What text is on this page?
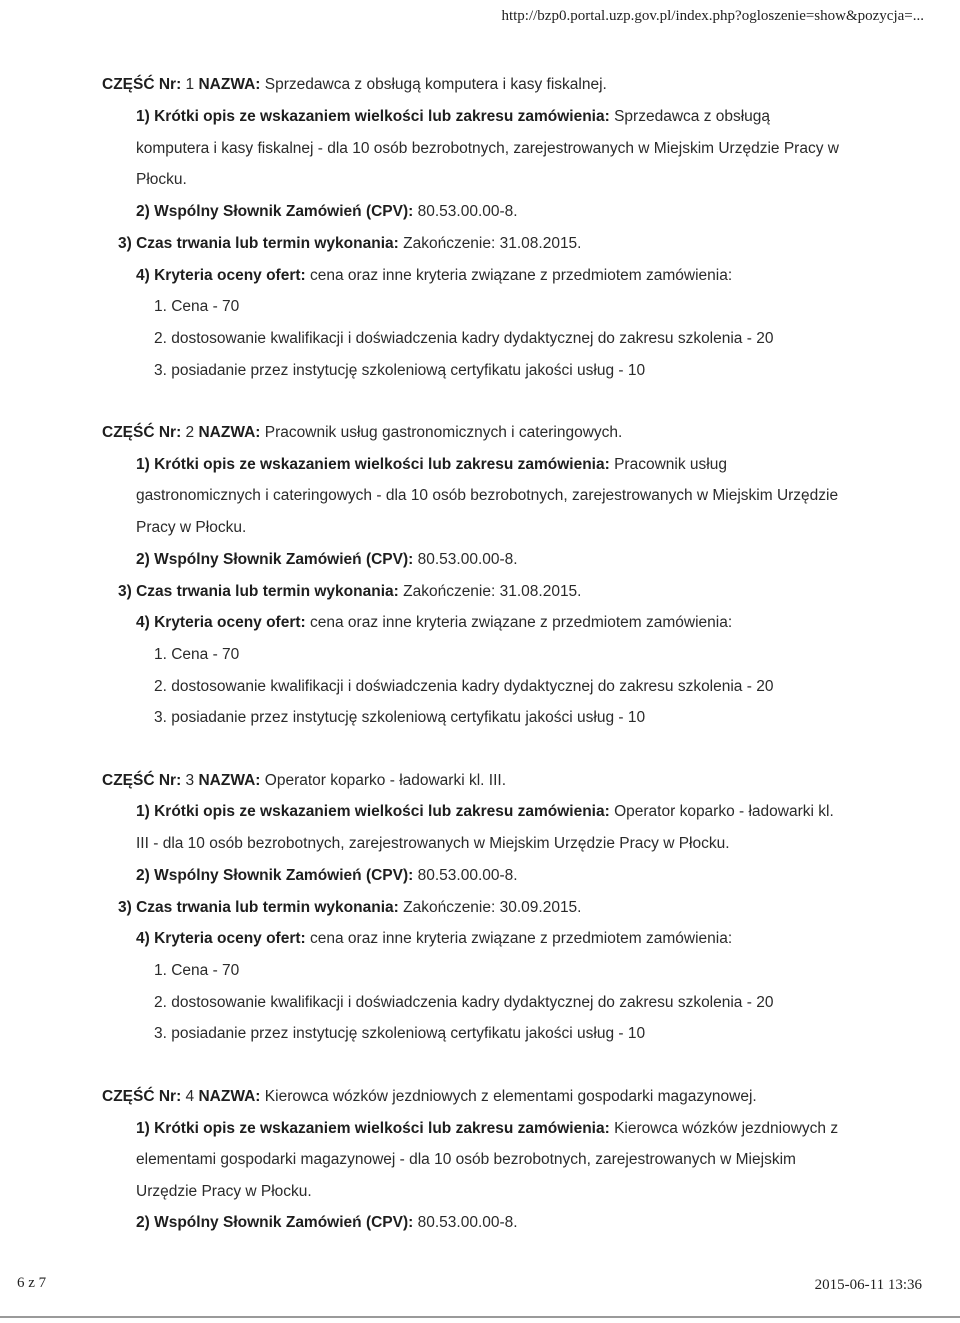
http://bzp0.portal.uzp.gov.pl/index.php?ogloszenie=show&pozycja=...
CZĘŚĆ Nr: 1 NAZWA: Sprzedawca z obsługą komputera i kasy fiskalnej.
1) Krótki opis ze wskazaniem wielkości lub zakresu zamówienia: Sprzedawca z obsługą
komputera i kasy fiskalnej - dla 10 osób bezrobotnych, zarejestrowanych w Miejskim Urzędzie Pracy w
Płocku.
2) Wspólny Słownik Zamówień (CPV): 80.53.00.00-8.
3) Czas trwania lub termin wykonania: Zakończenie: 31.08.2015.
4) Kryteria oceny ofert: cena oraz inne kryteria związane z przedmiotem zamówienia:
1. Cena - 70
2. dostosowanie kwalifikacji i doświadczenia kadry dydaktycznej do zakresu szkolenia - 20
3. posiadanie przez instytucję szkoleniową certyfikatu jakości usług - 10
CZĘŚĆ Nr: 2 NAZWA: Pracownik usług gastronomicznych i cateringowych.
1) Krótki opis ze wskazaniem wielkości lub zakresu zamówienia: Pracownik usług
gastronomicznych i cateringowych - dla 10 osób bezrobotnych, zarejestrowanych w Miejskim Urzędzie
Pracy w Płocku.
2) Wspólny Słownik Zamówień (CPV): 80.53.00.00-8.
3) Czas trwania lub termin wykonania: Zakończenie: 31.08.2015.
4) Kryteria oceny ofert: cena oraz inne kryteria związane z przedmiotem zamówienia:
1. Cena - 70
2. dostosowanie kwalifikacji i doświadczenia kadry dydaktycznej do zakresu szkolenia - 20
3. posiadanie przez instytucję szkoleniową certyfikatu jakości usług - 10
CZĘŚĆ Nr: 3 NAZWA: Operator koparko - ładowarki kl. III.
1) Krótki opis ze wskazaniem wielkości lub zakresu zamówienia: Operator koparko - ładowarki kl.
III - dla 10 osób bezrobotnych, zarejestrowanych w Miejskim Urzędzie Pracy w Płocku.
2) Wspólny Słownik Zamówień (CPV): 80.53.00.00-8.
3) Czas trwania lub termin wykonania: Zakończenie: 30.09.2015.
4) Kryteria oceny ofert: cena oraz inne kryteria związane z przedmiotem zamówienia:
1. Cena - 70
2. dostosowanie kwalifikacji i doświadczenia kadry dydaktycznej do zakresu szkolenia - 20
3. posiadanie przez instytucję szkoleniową certyfikatu jakości usług - 10
CZĘŚĆ Nr: 4 NAZWA: Kierowca wózków jezdniowych z elementami gospodarki magazynowej.
1) Krótki opis ze wskazaniem wielkości lub zakresu zamówienia: Kierowca wózków jezdniowych z
elementami gospodarki magazynowej - dla 10 osób bezrobotnych, zarejestrowanych w Miejskim
Urzędzie Pracy w Płocku.
2) Wspólny Słownik Zamówień (CPV): 80.53.00.00-8.
6 z 7	2015-06-11 13:36
